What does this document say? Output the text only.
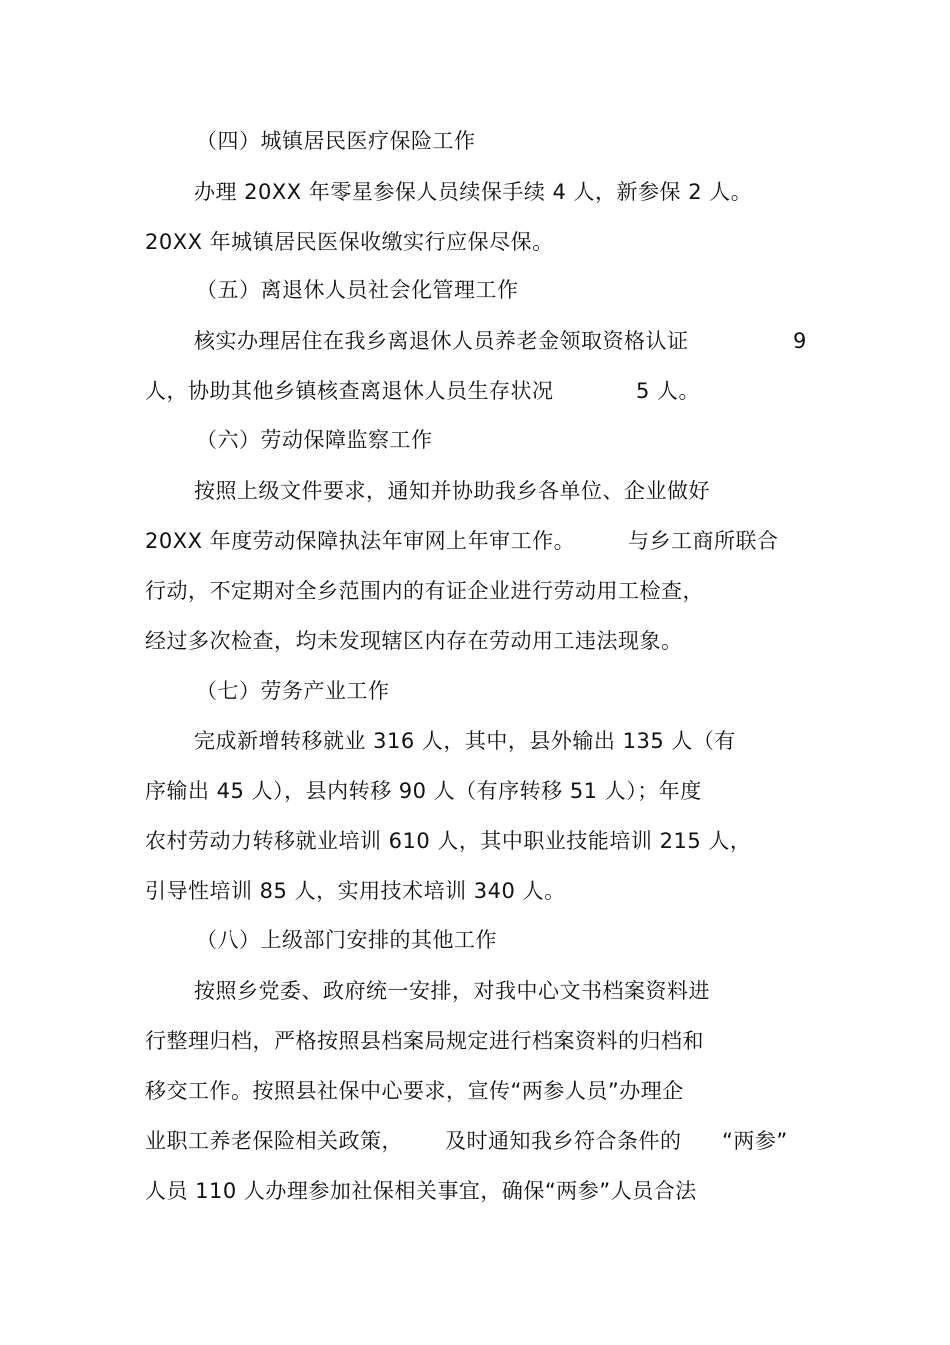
（四）城镇居民医疗保险工作
办理 20XX 年零星参保人员续保手续 4 人，新参保 2 人。
20XX 年城镇居民医保收缴实行应保尽保。
（五）离退休人员社会化管理工作
核实办理居住在我乡离退休人员养老金领取资格认证	9
人，协助其他乡镇核查离退休人员生存状况	5 人。
（六）劳动保障监察工作
按照上级文件要求，通知并协助我乡各单位、企业做好
20XX 年度劳动保障执法年审网上年审工作。	与乡工商所联合
行动，不定期对全乡范围内的有证企业进行劳动用工检查，
经过多次检查，均未发现辖区内存在劳动用工违法现象。
（七）劳务产业工作
完成新增转移就业 316 人，其中，县外输出 135 人（有
序输出 45 人），县内转移 90 人（有序转移 51 人）；年度
农村劳动力转移就业培训 610 人，其中职业技能培训 215 人，
引导性培训 85 人，实用技术培训 340 人。
（八）上级部门安排的其他工作
按照乡党委、政府统一安排，对我中心文书档案资料进
行整理归档，严格按照县档案局规定进行档案资料的归档和
移交工作。按照县社保中心要求，宣传“两参人员”办理企
业职工养老保险相关政策， 及时通知我乡符合条件的 “两参”
人员 110 人办理参加社保相关事宜，确保“两参”人员合法
